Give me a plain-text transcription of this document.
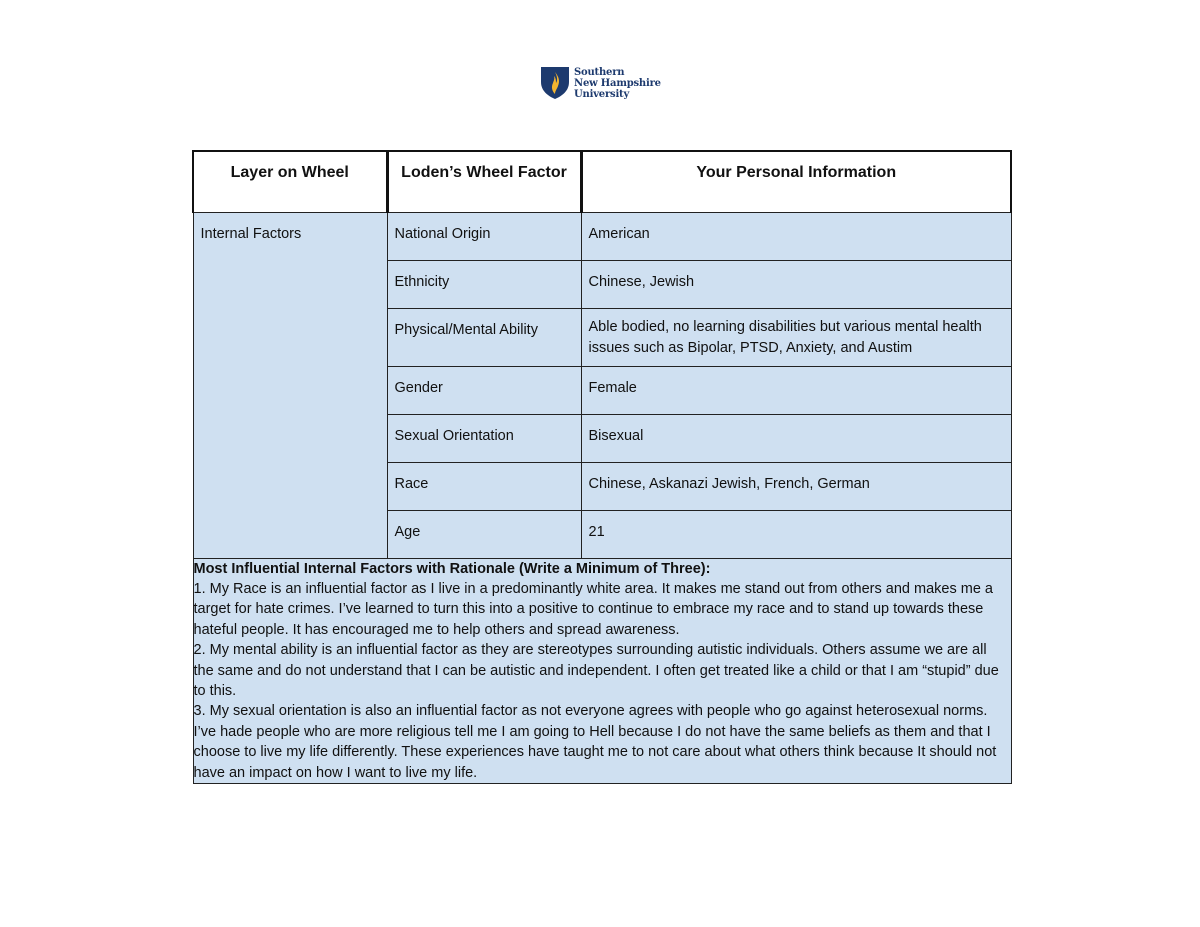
Southern
New Hampshire
University
Layer on Wheel	Loden’s Wheel Factor	Your Personal Information

Internal Factors	National Origin	American

	Ethnicity	Chinese, Jewish

	Physical/Mental Ability	Able bodied, no learning disabilities but various mental health issues such as Bipolar, PTSD, Anxiety, and Austim

	Gender	Female

	Sexual Orientation	Bisexual

	Race	Chinese, Askanazi Jewish, French, German

	Age	21

Most Influential Internal Factors with Rationale (Write a Minimum of Three):
1. My Race is an influential factor as I live in a predominantly white area. It makes me stand out from others and makes me a target for hate crimes. I’ve learned to turn this into a positive to continue to embrace my race and to stand up towards these hateful people. It has encouraged me to help others and spread awareness.
2. My mental ability is an influential factor as they are stereotypes surrounding autistic individuals. Others assume we are all the same and do not understand that I can be autistic and independent. I often get treated like a child or that I am “stupid” due to this.
3. My sexual orientation is also an influential factor as not everyone agrees with people who go against heterosexual norms. I’ve hade people who are more religious tell me I am going to Hell because I do not have the same beliefs as them and that I choose to live my life differently. These experiences have taught me to not care about what others think because It should not have an impact on how I want to live my life.		
